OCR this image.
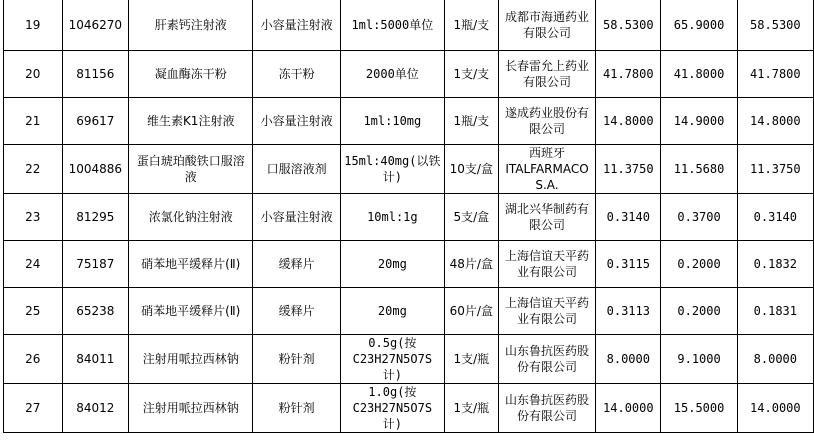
19	1046270	肝素钙注射液	小容量注射液	1ml:5000单位	1瓶/支	成都市海通药业有限公司	58.5300	65.9000	58.5300
20	81156	凝血酶冻干粉	冻干粉	2000单位	1支/支	长春雷允上药业有限公司	41.7800	41.8000	41.7800
21	69617	维生素K1注射液	小容量注射液	1ml:10mg	1瓶/支	遂成药业股份有限公司	14.8000	14.9000	14.8000
22	1004886	蛋白琥珀酸铁口服溶液	口服溶液剂	15ml:40mg(以铁计)	10支/盒	西班牙ITALFARMACO S.A.	11.3750	11.5680	11.3750
23	81295	浓氯化钠注射液	小容量注射液	10ml:1g	5支/盒	湖北兴华制药有限公司	0.3140	0.3700	0.3140
24	75187	硝苯地平缓释片(Ⅱ)	缓释片	20mg	48片/盒	上海信谊天平药业有限公司	0.3115	0.2000	0.1832
25	65238	硝苯地平缓释片(Ⅱ)	缓释片	20mg	60片/盒	上海信谊天平药业有限公司	0.3113	0.2000	0.1831
26	84011	注射用哌拉西林钠	粉针剂	0.5g(按C23H27N5O7S计)	1支/瓶	山东鲁抗医药股份有限公司	8.0000	9.1000	8.0000
27	84012	注射用哌拉西林钠	粉针剂	1.0g(按C23H27N5O7S计)	1支/瓶	山东鲁抗医药股份有限公司	14.0000	15.5000	14.0000
